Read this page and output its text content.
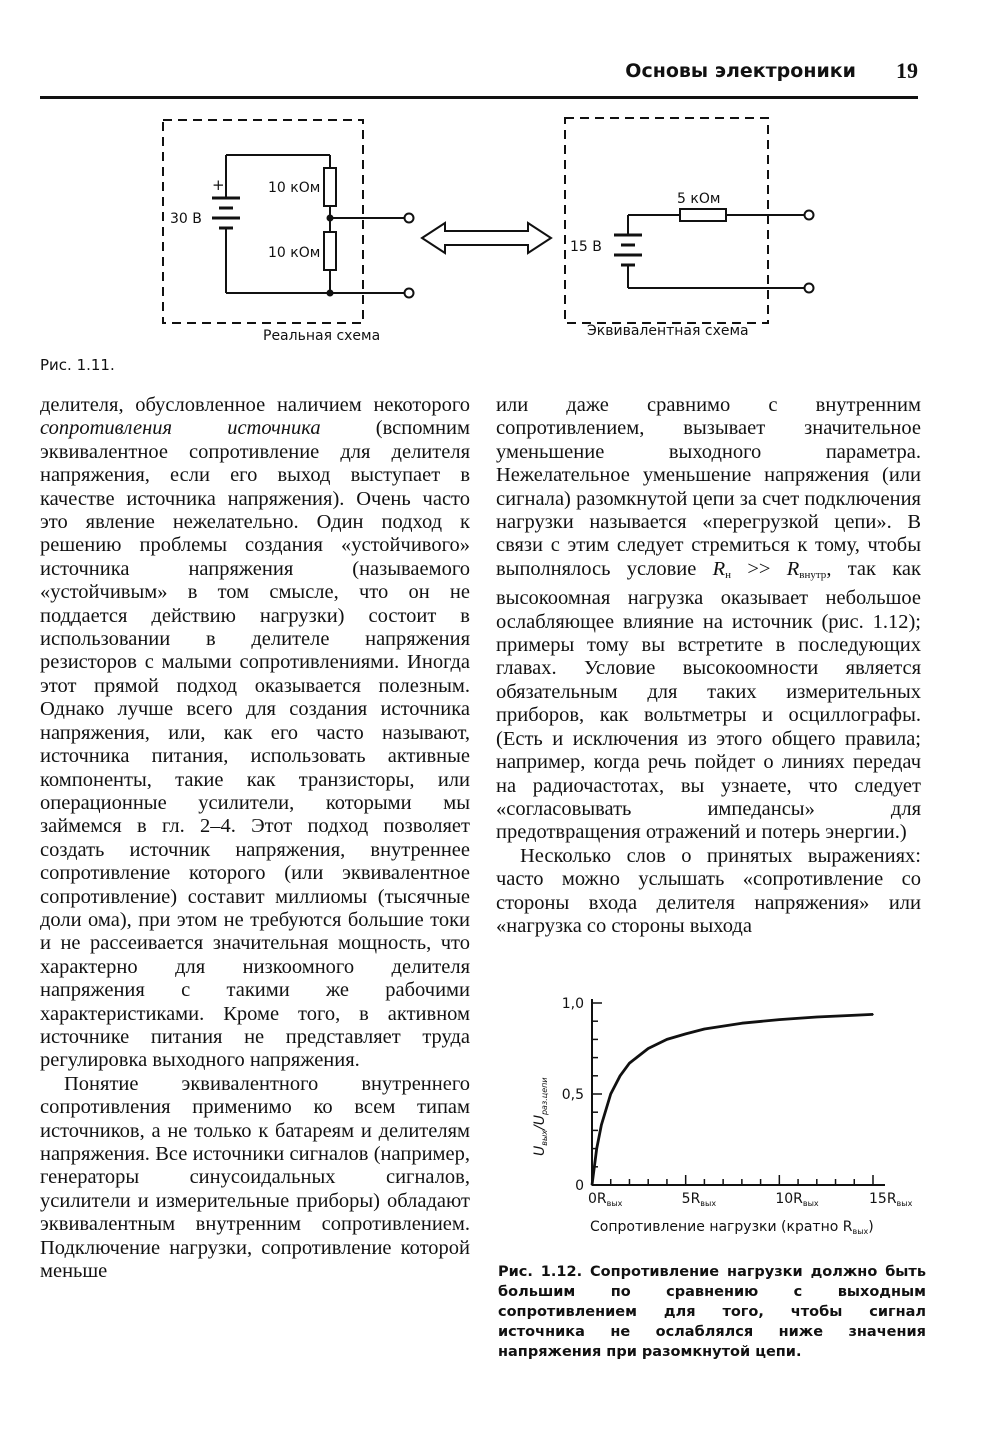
Основы электроники 19
+
30 В
10 кОм
10 кОм
Реальная схема
15 В
5 кОм
Эквивалентная схема
Рис. 1.11.

делителя, обусловленное наличием некоторого сопротивления источника (вспомним эквивалентное сопротивление для делителя напряжения, если его выход выступает в качестве источника напряжения). Очень часто это явление нежелательно. Один подход к решению проблемы создания «устойчивого» источника напряжения (называемого «устойчивым» в том смысле, что он не поддается действию нагрузки) состоит в использовании в делителе напряжения резисторов с малыми сопротивлениями. Иногда этот прямой подход оказывается полезным. Однако лучше всего для создания источника напряжения, или, как его часто называют, источника питания, использовать активные компоненты, такие как транзисторы, или операционные усилители, которыми мы займемся в гл. 2–4. Этот подход позволяет создать источник напряжения, внутреннее сопротивление которого (или эквивалентное сопротивление) составит миллиомы (тысячные доли ома), при этом не требуются большие токи и не рассеивается значительная мощность, что характерно для низкоомного делителя напряжения с такими же рабочими характеристиками. Кроме того, в активном источнике питания не представляет труда регулировка выходного напряжения.

Понятие эквивалентного внутреннего сопротивления применимо ко всем типам источников, а не только к батареям и делителям напряжения. Все источники сигналов (например, генераторы синусоидальных сигналов, усилители и измерительные приборы) обладают эквивалентным внутренним сопротивлением. Подключение нагрузки, сопротивление которой меньше

или даже сравнимо с внутренним сопротивлением, вызывает значительное уменьшение выходного параметра. Нежелательное уменьшение напряжения (или сигнала) разомкнутой цепи за счет подключения нагрузки называется «перегрузкой цепи». В связи с этим следует стремиться к тому, чтобы выполнялось условие $R_н >> R_{внутр}$, так как высокоомная нагрузка оказывает небольшое ослабляющее влияние на источник (рис. 1.12); примеры тому вы встретите в последующих главах. Условие высокоомности является обязательным для таких измерительных приборов, как вольтметры и осциллографы. (Есть и исключения из этого общего правила; например, когда речь пойдет о линиях передач на радиочастотах, вы узнаете, что следует «согласовывать импедансы» для предотвращения отражений и потерь энергии.)

Несколько слов о принятых выражениях: часто можно услышать «сопротивление со стороны входа делителя напряжения» или «нагрузка со стороны выхода

0
0,5
1,0
$0R_{вых}$	$5R_{вых}$	$10R_{вых}$	$15R_{вых}$
Сопротивление нагрузки (кратно $R_{вых}$)
$U_{вых}/U_{раз.цепи}$

Рис. 1.12. Сопротивление нагрузки должно быть большим по сравнению с выходным сопротивлением для того, чтобы сигнал источника не ослаблялся ниже значения напряжения при разомкнутой цепи.
